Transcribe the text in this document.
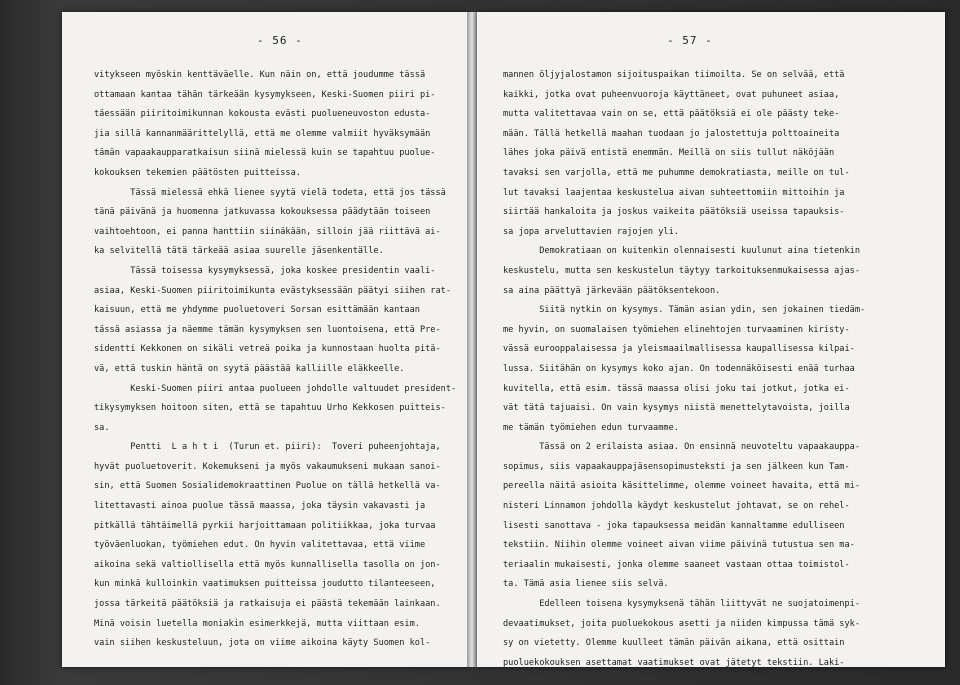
- 56 -
vitykseen myöskin kenttäväelle. Kun näin on, että joudumme tässä
ottamaan kantaa tähän tärkeään kysymykseen, Keski-Suomen piiri pi-
täessään piiritoimikunnan kokousta evästi puolueneuvoston edusta-
jia sillä kannanmäärittelyllä, että me olemme valmiit hyväksymään
tämän vapaakaupparatkaisun siinä mielessä kuin se tapahtuu puolue-
kokouksen tekemien päätösten puitteissa.
Tässä mielessä ehkä lienee syytä vielä todeta, että jos tässä
tänä päivänä ja huomenna jatkuvassa kokouksessa päädytään toiseen
vaihtoehtoon, ei panna hanttiin siinäkään, silloin jää riittävä ai-
ka selvitellä tätä tärkeää asiaa suurelle jäsenkentälle.
Tässä toisessa kysymyksessä, joka koskee presidentin vaali-
asiaa, Keski-Suomen piiritoimikunta evästyksessään päätyi siihen rat-
kaisuun, että me yhdymme puoluetoveri Sorsan esittämään kantaan
tässä asiassa ja näemme tämän kysymyksen sen luontoisena, että Pre-
sidentti Kekkonen on sikäli vetreä poika ja kunnostaan huolta pitä-
vä, että tuskin häntä on syytä päästää kalliille eläkkeelle.
Keski-Suomen piiri antaa puolueen johdolle valtuudet president-
tikysymyksen hoitoon siten, että se tapahtuu Urho Kekkosen puitteis-
sa.
Pentti  L a h t i  (Turun et. piiri):  Toveri puheenjohtaja,
hyvät puoluetoverit. Kokemukseni ja myös vakaumukseni mukaan sanoi-
sin, että Suomen Sosialidemokraattinen Puolue on tällä hetkellä va-
litettavasti ainoa puolue tässä maassa, joka täysin vakavasti ja
pitkällä tähtäimellä pyrkii harjoittamaan politiikkaa, joka turvaa
työväenluokan, työmiehen edut. On hyvin valitettavaa, että viime
aikoina sekä valtiollisella että myös kunnallisella tasolla on jon-
kun minkä kulloinkin vaatimuksen puitteissa joudutto tilanteeseen,
jossa tärkeitä päätöksiä ja ratkaisuja ei päästä tekemään lainkaan.
Minä voisin luetella moniakin esimerkkejä, mutta viittaan esim.
vain siihen keskusteluun, jota on viime aikoina käyty Suomen kol-
- 57 -
mannen öljyjalostamon sijoituspaikan tiimoilta. Se on selvää, että
kaikki, jotka ovat puheenvuoroja käyttäneet, ovat puhuneet asiaa,
mutta valitettavaa vain on se, että päätöksiä ei ole päästy teke-
mään. Tällä hetkellä maahan tuodaan jo jalostettuja polttoaineita
lähes joka päivä entistä enemmän. Meillä on siis tullut näköjään
tavaksi sen varjolla, että me puhumme demokratiasta, meille on tul-
lut tavaksi laajentaa keskustelua aivan suhteettomiin mittoihin ja
siirtää hankaloita ja joskus vaikeita päätöksiä useissa tapauksis-
sa jopa arveluttavien rajojen yli.
Demokratiaan on kuitenkin olennaisesti kuulunut aina tietenkin
keskustelu, mutta sen keskustelun täytyy tarkoituksenmukaisessa ajas-
sa aina päättyä järkevään päätöksentekoon.
Siitä nytkin on kysymys. Tämän asian ydin, sen jokainen tiedäm-
me hyvin, on suomalaisen työmiehen elinehtojen turvaaminen kiristy-
vässä eurooppalaisessa ja yleismaailmallisessa kaupallisessa kilpai-
lussa. Siitähän on kysymys koko ajan. On todennäköisesti enää turhaa
kuvitella, että esim. tässä maassa olisi joku tai jotkut, jotka ei-
vät tätä tajuaisi. On vain kysymys niistä menettelytavoista, joilla
me tämän työmiehen edun turvaamme.
Tässä on 2 erilaista asiaa. On ensinnä neuvoteltu vapaakauppa-
sopimus, siis vapaakauppajäsensopimusteksti ja sen jälkeen kun Tam-
pereella näitä asioita käsittelimme, olemme voineet havaita, että mi-
nisteri Linnamon johdolla käydyt keskustelut johtavat, se on rehel-
lisesti sanottava - joka tapauksessa meidän kannaltamme edulliseen
tekstiin. Niihin olemme voineet aivan viime päivinä tutustua sen ma-
teriaalin mukaisesti, jonka olemme saaneet vastaan ottaa toimistol-
ta. Tämä asia lienee siis selvä.
Edelleen toisena kysymyksenä tähän liittyvät ne suojatoimenpi-
devaatimukset, joita puoluekokous asetti ja niiden kimpussa tämä syk-
sy on vietetty. Olemme kuulleet tämän päivän aikana, että osittain
puoluekokouksen asettamat vaatimukset ovat jätetyt tekstiin. Laki-
